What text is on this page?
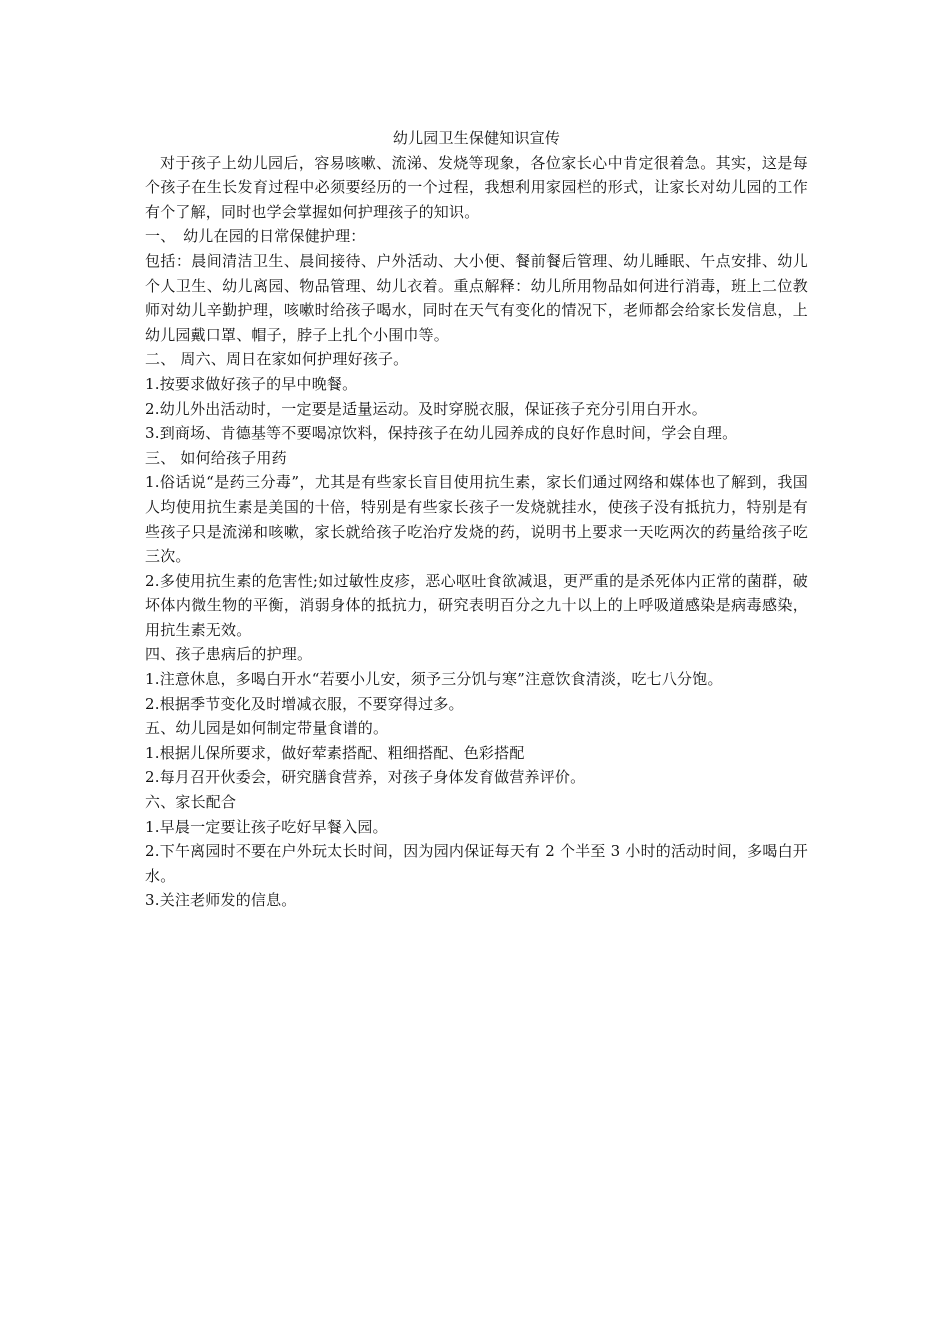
幼儿园卫生保健知识宣传

对于孩子上幼儿园后，容易咳嗽、流涕、发烧等现象，各位家长心中肯定很着急。其实，这是每个孩子在生长发育过程中必须要经历的一个过程，我想利用家园栏的形式，让家长对幼儿园的工作有个了解，同时也学会掌握如何护理孩子的知识。

一、　幼儿在园的日常保健护理：

包括：晨间清洁卫生、晨间接待、户外活动、大小便、餐前餐后管理、幼儿睡眠、午点安排、幼儿个人卫生、幼儿离园、物品管理、幼儿衣着。重点解释：幼儿所用物品如何进行消毒，班上二位教师对幼儿辛勤护理，咳嗽时给孩子喝水，同时在天气有变化的情况下，老师都会给家长发信息，上幼儿园戴口罩、帽子，脖子上扎个小围巾等。

二、 周六、周日在家如何护理好孩子。

1.按要求做好孩子的早中晚餐。

2.幼儿外出活动时，一定要是适量运动。及时穿脱衣服，保证孩子充分引用白开水。

3.到商场、肯德基等不要喝凉饮料，保持孩子在幼儿园养成的良好作息时间，学会自理。

三、 如何给孩子用药

1.俗话说“是药三分毒”，尤其是有些家长盲目使用抗生素，家长们通过网络和媒体也了解到，我国人均使用抗生素是美国的十倍，特别是有些家长孩子一发烧就挂水，使孩子没有抵抗力，特别是有些孩子只是流涕和咳嗽，家长就给孩子吃治疗发烧的药，说明书上要求一天吃两次的药量给孩子吃三次。

2.多使用抗生素的危害性;如过敏性皮疹，恶心呕吐食欲减退，更严重的是杀死体内正常的菌群，破坏体内微生物的平衡，消弱身体的抵抗力，研究表明百分之九十以上的上呼吸道感染是病毒感染，用抗生素无效。

四、孩子患病后的护理。

1.注意休息，多喝白开水“若要小儿安，须予三分饥与寒”注意饮食清淡，吃七八分饱。

2.根据季节变化及时增减衣服，不要穿得过多。

五、幼儿园是如何制定带量食谱的。

1.根据儿保所要求，做好荤素搭配、粗细搭配、色彩搭配

2.每月召开伙委会，研究膳食营养，对孩子身体发育做营养评价。

六、家长配合

1.早晨一定要让孩子吃好早餐入园。

2.下午离园时不要在户外玩太长时间，因为园内保证每天有 2 个半至 3 小时的活动时间，多喝白开水。

3.关注老师发的信息。
